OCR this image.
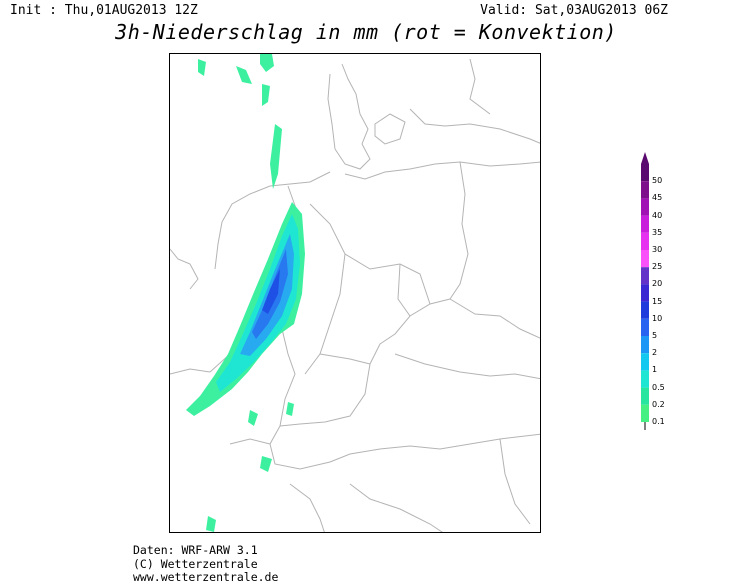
Init : Thu,01AUG2013 12Z	Valid: Sat,03AUG2013 06Z
3h-Niederschlag in mm (rot = Konvektion)
50
45
40
35
30
25
20
15
10
5
2
1
0.5
0.2
0.1
Daten: WRF-ARW 3.1
(C) Wetterzentrale
www.wetterzentrale.de
